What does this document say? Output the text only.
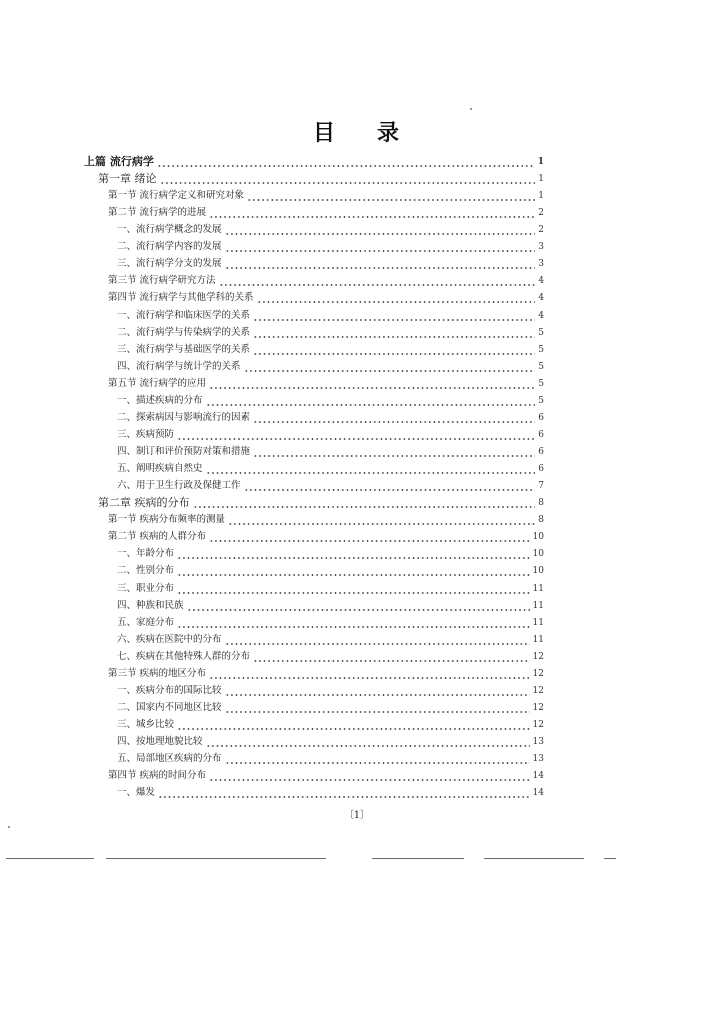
目 录
上篇 流行病学	1
第一章 绪论	1
第一节 流行病学定义和研究对象	1
第二节 流行病学的进展	2
一、流行病学概念的发展	2
二、流行病学内容的发展	3
三、流行病学分支的发展	3
第三节 流行病学研究方法	4
第四节 流行病学与其他学科的关系	4
一、流行病学和临床医学的关系	4
二、流行病学与传染病学的关系	5
三、流行病学与基础医学的关系	5
四、流行病学与统计学的关系	5
第五节 流行病学的应用	5
一、描述疾病的分布	5
二、探索病因与影响流行的因素	6
三、疾病预防	6
四、制订和评价预防对策和措施	6
五、阐明疾病自然史	6
六、用于卫生行政及保健工作	7
第二章 疾病的分布	8
第一节 疾病分布频率的测量	8
第二节 疾病的人群分布	10
一、年龄分布	10
二、性别分布	10
三、职业分布	11
四、种族和民族	11
五、家庭分布	11
六、疾病在医院中的分布	11
七、疾病在其他特殊人群的分布	12
第三节 疾病的地区分布	12
一、疾病分布的国际比较	12
二、国家内不同地区比较	12
三、城乡比较	12
四、按地理地貌比较	13
五、局部地区疾病的分布	13
第四节 疾病的时间分布	14
一、爆发	14
〔1〕
